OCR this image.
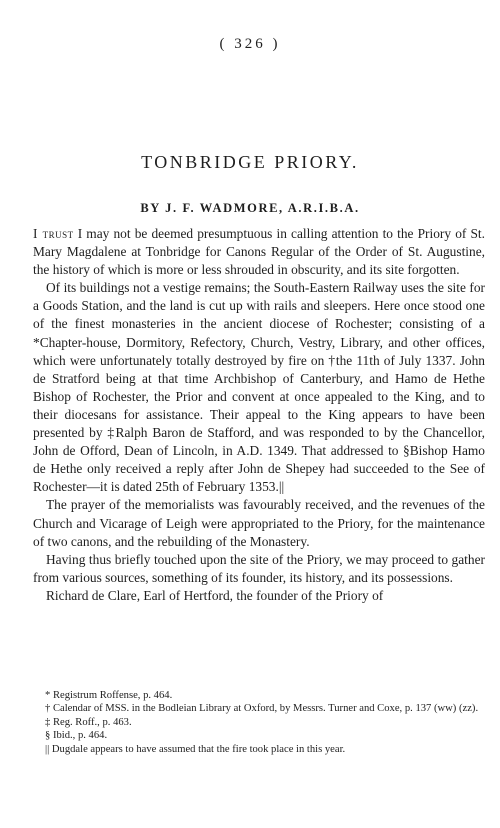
( 326 )
TONBRIDGE PRIORY.
BY J. F. WADMORE, A.R.I.B.A.

I trust I may not be deemed presumptuous in calling attention to the Priory of St. Mary Magdalene at Tonbridge for Canons Regular of the Order of St. Augustine, the history of which is more or less shrouded in obscurity, and its site forgotten.

Of its buildings not a vestige remains; the South-Eastern Railway uses the site for a Goods Station, and the land is cut up with rails and sleepers. Here once stood one of the finest monasteries in the ancient diocese of Rochester; consisting of a *Chapter-house, Dormitory, Refectory, Church, Vestry, Library, and other offices, which were unfortunately totally destroyed by fire on †the 11th of July 1337. John de Stratford being at that time Archbishop of Canterbury, and Hamo de Hethe Bishop of Rochester, the Prior and convent at once appealed to the King, and to their diocesans for assistance. Their appeal to the King appears to have been presented by ‡Ralph Baron de Stafford, and was responded to by the Chancellor, John de Offord, Dean of Lincoln, in A.D. 1349. That addressed to §Bishop Hamo de Hethe only received a reply after John de Shepey had succeeded to the See of Rochester—it is dated 25th of February 1353.||

The prayer of the memorialists was favourably received, and the revenues of the Church and Vicarage of Leigh were appropriated to the Priory, for the maintenance of two canons, and the rebuilding of the Monastery.

Having thus briefly touched upon the site of the Priory, we may proceed to gather from various sources, something of its founder, its history, and its possessions.

Richard de Clare, Earl of Hertford, the founder of the Priory of

* Registrum Roffense, p. 464.
† Calendar of MSS. in the Bodleian Library at Oxford, by Messrs. Turner and Coxe, p. 137 (ww) (zz).
‡ Reg. Roff., p. 463.
§ Ibid., p. 464.
|| Dugdale appears to have assumed that the fire took place in this year.
